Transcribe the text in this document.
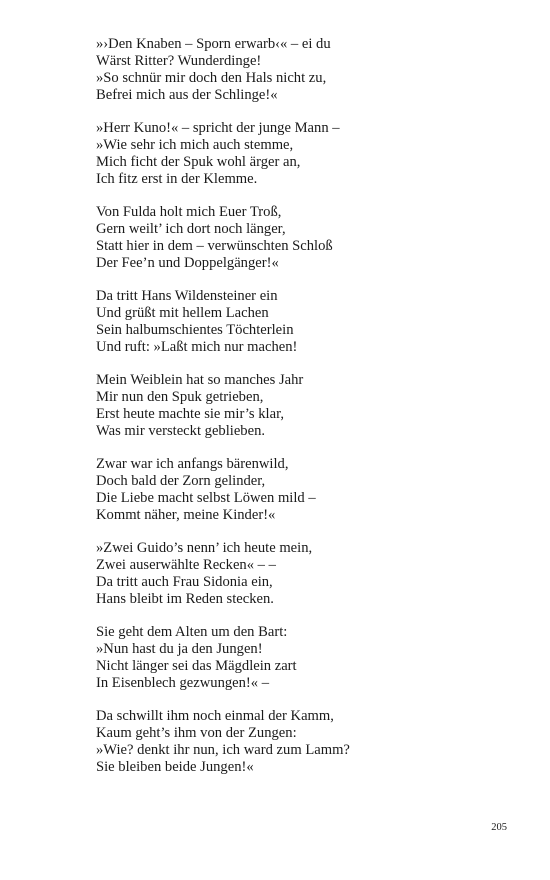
»›Den Knaben – Sporn erwarb‹« – ei du
Wärst Ritter? Wunderdinge!
»So schnür mir doch den Hals nicht zu,
Befrei mich aus der Schlinge!«
»Herr Kuno!« – spricht der junge Mann –
»Wie sehr ich mich auch stemme,
Mich ficht der Spuk wohl ärger an,
Ich fitz erst in der Klemme.
Von Fulda holt mich Euer Troß,
Gern weilt’ ich dort noch länger,
Statt hier in dem – verwünschten Schloß
Der Fee’n und Doppelgänger!«
Da tritt Hans Wildensteiner ein
Und grüßt mit hellem Lachen
Sein halbumschientes Töchterlein
Und ruft: »Laßt mich nur machen!
Mein Weiblein hat so manches Jahr
Mir nun den Spuk getrieben,
Erst heute machte sie mir’s klar,
Was mir versteckt geblieben.
Zwar war ich anfangs bärenwild,
Doch bald der Zorn gelinder,
Die Liebe macht selbst Löwen mild –
Kommt näher, meine Kinder!«
»Zwei Guido’s nenn’ ich heute mein,
Zwei auserwählte Recken« – –
Da tritt auch Frau Sidonia ein,
Hans bleibt im Reden stecken.
Sie geht dem Alten um den Bart:
»Nun hast du ja den Jungen!
Nicht länger sei das Mägdlein zart
In Eisenblech gezwungen!« –
Da schwillt ihm noch einmal der Kamm,
Kaum geht’s ihm von der Zungen:
»Wie? denkt ihr nun, ich ward zum Lamm?
Sie bleiben beide Jungen!«
205
